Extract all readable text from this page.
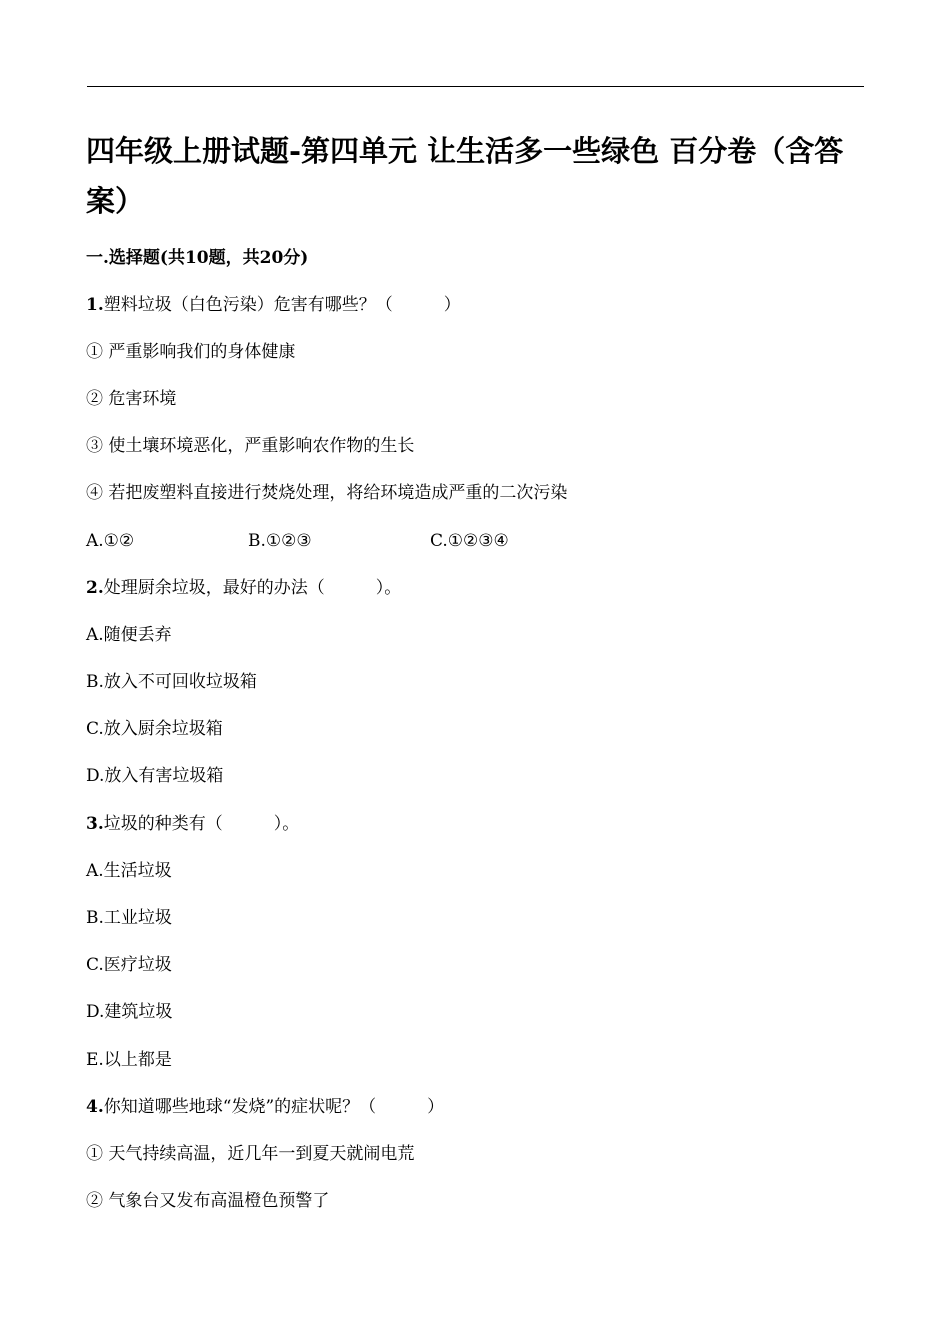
四年级上册试题-第四单元 让生活多一些绿色 百分卷（含答案）
一.选择题(共10题，共20分)
1.塑料垃圾（白色污染）危害有哪些？（　　　）
① 严重影响我们的身体健康
② 危害环境
③ 使土壤环境恶化，严重影响农作物的生长
④ 若把废塑料直接进行焚烧处理，将给环境造成严重的二次污染
A.①②	B.①②③	C.①②③④
2.处理厨余垃圾，最好的办法（　　　）。
A.随便丢弃
B.放入不可回收垃圾箱
C.放入厨余垃圾箱
D.放入有害垃圾箱
3.垃圾的种类有（　　　）。
A.生活垃圾
B.工业垃圾
C.医疗垃圾
D.建筑垃圾
E.以上都是
4.你知道哪些地球“发烧”的症状呢？（　　　）
① 天气持续高温，近几年一到夏天就闹电荒
② 气象台又发布高温橙色预警了
